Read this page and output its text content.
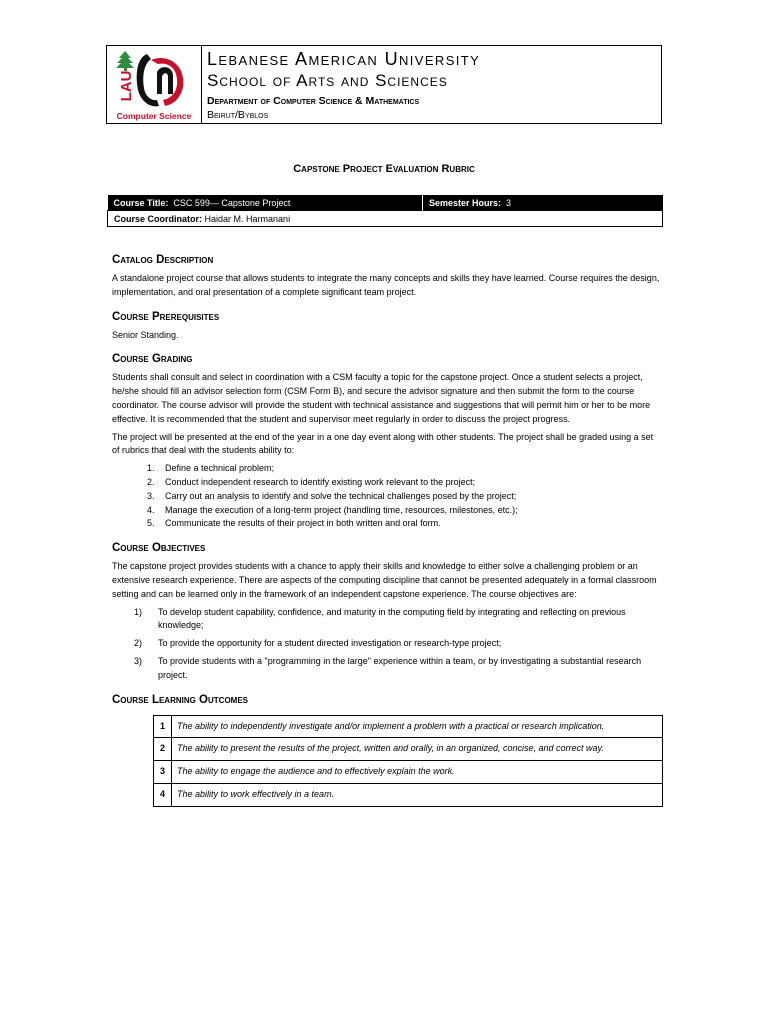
LAU
Computer Science
Lebanese American University
School of Arts and Sciences
Department of Computer Science & Mathematics
Beirut/Byblos
Capstone Project Evaluation Rubric
Course Title: CSC 599— Capstone Project	Semester Hours: 3
Course Coordinator: Haidar M. Harmanani
Catalog Description

A standalone project course that allows students to integrate the many concepts and skills they have learned. Course requires the design, implementation, and oral presentation of a complete significant team project.

Course Prerequisites

Senior Standing.

Course Grading

Students shall consult and select in coordination with a CSM faculty a topic for the capstone project. Once a student selects a project, he/she should fill an advisor selection form (CSM Form B), and secure the advisor signature and then submit the form to the course coordinator. The course advisor will provide the student with technical assistance and suggestions that will permit him or her to be more effective. It is recommended that the student and supervisor meet regularly in order to discuss the project progress.

The project will be presented at the end of the year in a one day event along with other students. The project shall be graded using a set of rubrics that deal with the students ability to:

1. Define a technical problem;
2. Conduct independent research to identify existing work relevant to the project;
3. Carry out an analysis to identify and solve the technical challenges posed by the project;
4. Manage the execution of a long-term project (handling time, resources, milestones, etc.);
5. Communicate the results of their project in both written and oral form.
Course Objectives

The capstone project provides students with a chance to apply their skills and knowledge to either solve a challenging problem or an extensive research experience. There are aspects of the computing discipline that cannot be presented adequately in a formal classroom setting and can be learned only in the framework of an independent capstone experience. The course objectives are:

1) To develop student capability, confidence, and maturity in the computing field by integrating and reflecting on previous knowledge;
2) To provide the opportunity for a student directed investigation or research-type project;
3) To provide students with a "programming in the large" experience within a team, or by investigating a substantial research project.
Course Learning Outcomes
1	The ability to independently investigate and/or implement a problem with a practical or research implication.
2	The ability to present the results of the project, written and orally, in an organized, concise, and correct way.
3	The ability to engage the audience and to effectively explain the work.
4	The ability to work effectively in a team.
